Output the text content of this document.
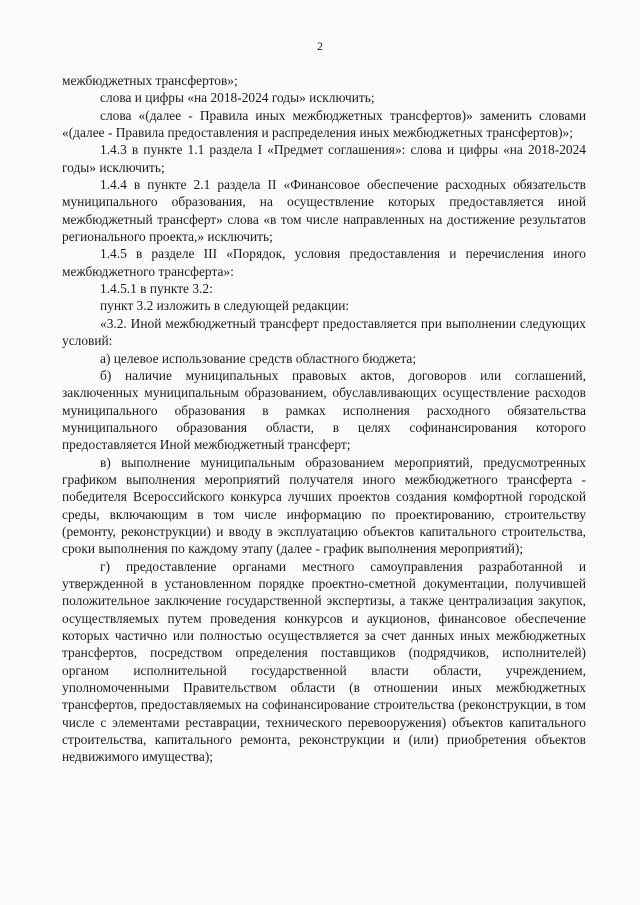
2

межбюджетных трансфертов»;

слова и цифры «на 2018-2024 годы» исключить;

слова «(далее - Правила иных межбюджетных трансфертов)» заменить словами «(далее - Правила предоставления и распределения иных межбюджетных трансфертов)»;

1.4.3 в пункте 1.1 раздела I «Предмет соглашения»: слова и цифры «на 2018-2024 годы» исключить;

1.4.4 в пункте 2.1 раздела II «Финансовое обеспечение расходных обязательств муниципального образования, на осуществление которых предоставляется иной межбюджетный трансферт» слова «в том числе направленных на достижение результатов регионального проекта,» исключить;

1.4.5 в разделе III «Порядок, условия предоставления и перечисления иного межбюджетного трансферта»:

1.4.5.1 в пункте 3.2:

пункт 3.2 изложить в следующей редакции:

«3.2. Иной межбюджетный трансферт предоставляется при выполнении следующих условий:

а) целевое использование средств областного бюджета;

б) наличие муниципальных правовых актов, договоров или соглашений, заключенных муниципальным образованием, обуславливающих осуществление расходов муниципального образования в рамках исполнения расходного обязательства муниципального образования области, в целях софинансирования которого предоставляется Иной межбюджетный трансферт;

в) выполнение муниципальным образованием мероприятий, предусмотренных графиком выполнения мероприятий получателя иного межбюджетного трансферта - победителя Всероссийского конкурса лучших проектов создания комфортной городской среды, включающим в том числе информацию по проектированию, строительству (ремонту, реконструкции) и вводу в эксплуатацию объектов капитального строительства, сроки выполнения по каждому этапу (далее - график выполнения мероприятий);

г) предоставление органами местного самоуправления разработанной и утвержденной в установленном порядке проектно-сметной документации, получившей положительное заключение государственной экспертизы, а также централизация закупок, осуществляемых путем проведения конкурсов и аукционов, финансовое обеспечение которых частично или полностью осуществляется за счет данных иных межбюджетных трансфертов, посредством определения поставщиков (подрядчиков, исполнителей) органом исполнительной государственной власти области, учреждением, уполномоченными Правительством области (в отношении иных межбюджетных трансфертов, предоставляемых на софинансирование строительства (реконструкции, в том числе с элементами реставрации, технического перевооружения) объектов капитального строительства, капитального ремонта, реконструкции и (или) приобретения объектов недвижимого имущества);
